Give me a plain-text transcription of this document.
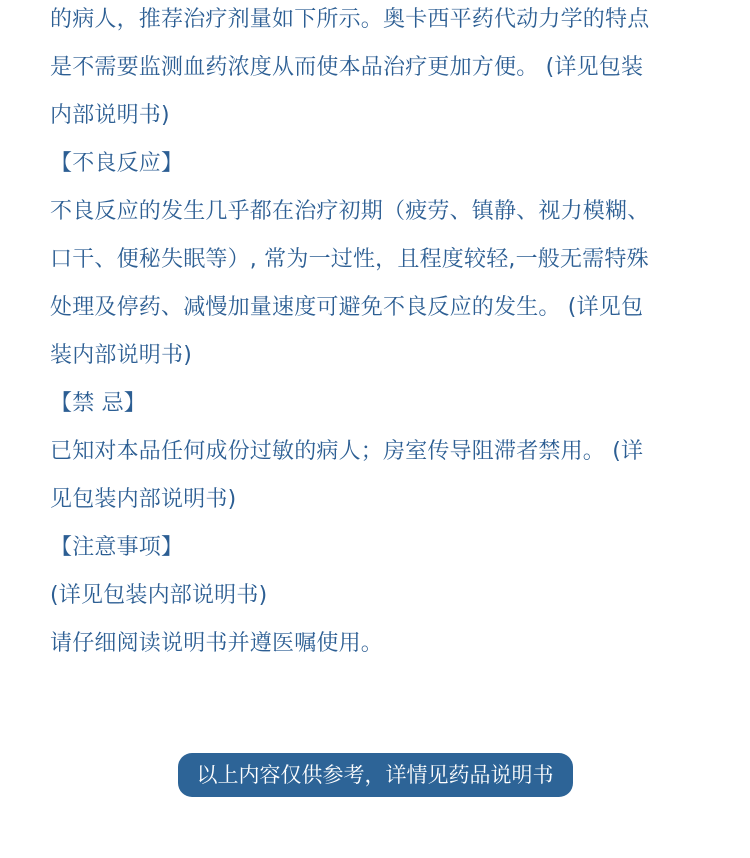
的病人，推荐治疗剂量如下所示。奥卡西平药代动力学的特点
是不需要监测血药浓度从而使本品治疗更加方便。 (详见包装
内部说明书)
【不良反应】
不良反应的发生几乎都在治疗初期（疲劳、镇静、视力模糊、
口干、便秘失眠等）, 常为一过性，且程度较轻,一般无需特殊
处理及停药、减慢加量速度可避免不良反应的发生。 (详见包
装内部说明书)
【禁 忌】
已知对本品任何成份过敏的病人；房室传导阻滞者禁用。 (详
见包装内部说明书)
【注意事项】
(详见包装内部说明书)
请仔细阅读说明书并遵医嘱使用。
以上内容仅供参考，详情见药品说明书
